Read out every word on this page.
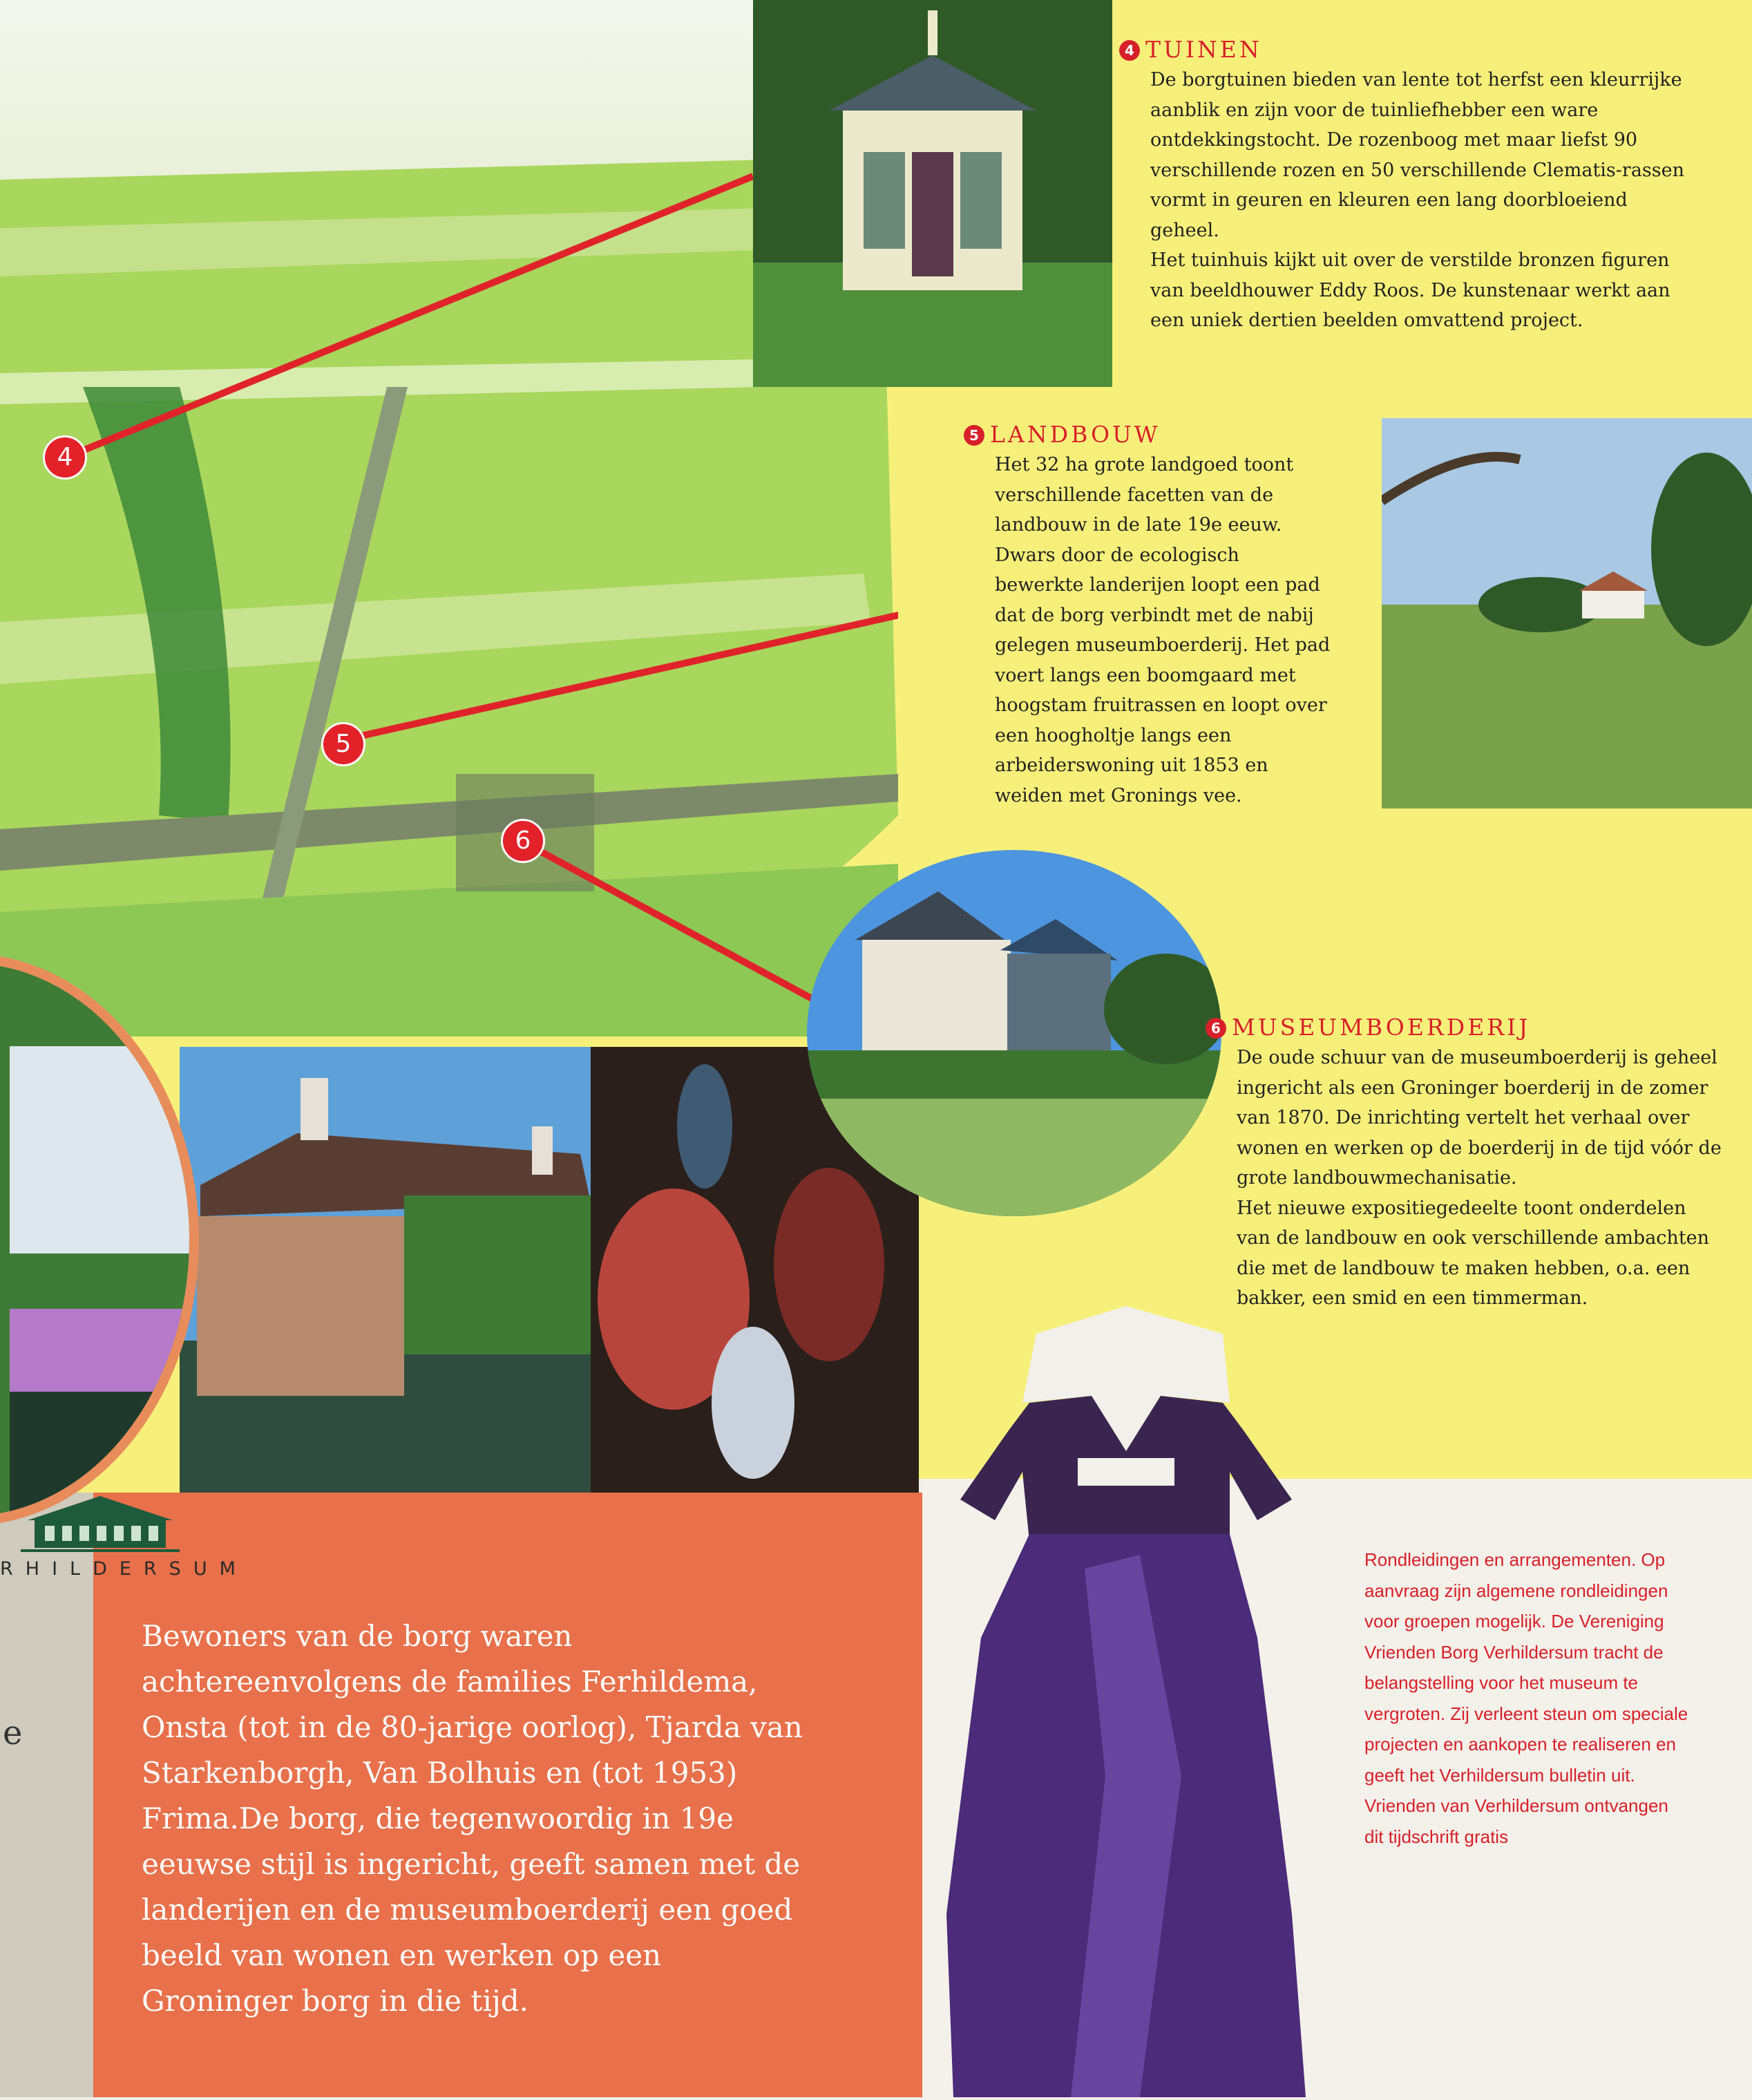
4
5
6
RHILDERSUM
e
4 TUINEN
De borgtuinen bieden van lente tot herfst een kleurrijke
aanblik en zijn voor de tuinliefhebber een ware
ontdekkingstocht. De rozenboog met maar liefst 90
verschillende rozen en 50 verschillende Clematis-rassen
vormt in geuren en kleuren een lang doorbloeiend
geheel.
Het tuinhuis kijkt uit over de verstilde bronzen figuren
van beeldhouwer Eddy Roos. De kunstenaar werkt aan
een uniek dertien beelden omvattend project.
5 LANDBOUW
Het 32 ha grote landgoed toont
verschillende facetten van de
landbouw in de late 19e eeuw.
Dwars door de ecologisch
bewerkte landerijen loopt een pad
dat de borg verbindt met de nabij
gelegen museumboerderij. Het pad
voert langs een boomgaard met
hoogstam fruitrassen en loopt over
een hoogholtje langs een
arbeiderswoning uit 1853 en
weiden met Gronings vee.
6 MUSEUMBOERDERIJ
De oude schuur van de museumboerderij is geheel
ingericht als een Groninger boerderij in de zomer
van 1870. De inrichting vertelt het verhaal over
wonen en werken op de boerderij in de tijd vóór de
grote landbouwmechanisatie.
Het nieuwe expositiegedeelte toont onderdelen
van de landbouw en ook verschillende ambachten
die met de landbouw te maken hebben, o.a. een
bakker, een smid en een timmerman.
Bewoners van de borg waren
achtereenvolgens de families Ferhildema,
Onsta (tot in de 80-jarige oorlog), Tjarda van
Starkenborgh, Van Bolhuis en (tot 1953)
Frima.De borg, die tegenwoordig in 19e
eeuwse stijl is ingericht, geeft samen met de
landerijen en de museumboerderij een goed
beeld van wonen en werken op een
Groninger borg in die tijd.
Rondleidingen en arrangementen. Op
aanvraag zijn algemene rondleidingen
voor groepen mogelijk. De Vereniging
Vrienden Borg Verhildersum tracht de
belangstelling voor het museum te
vergroten. Zij verleent steun om speciale
projecten en aankopen te realiseren en
geeft het Verhildersum bulletin uit.
Vrienden van Verhildersum ontvangen
dit tijdschrift gratis
